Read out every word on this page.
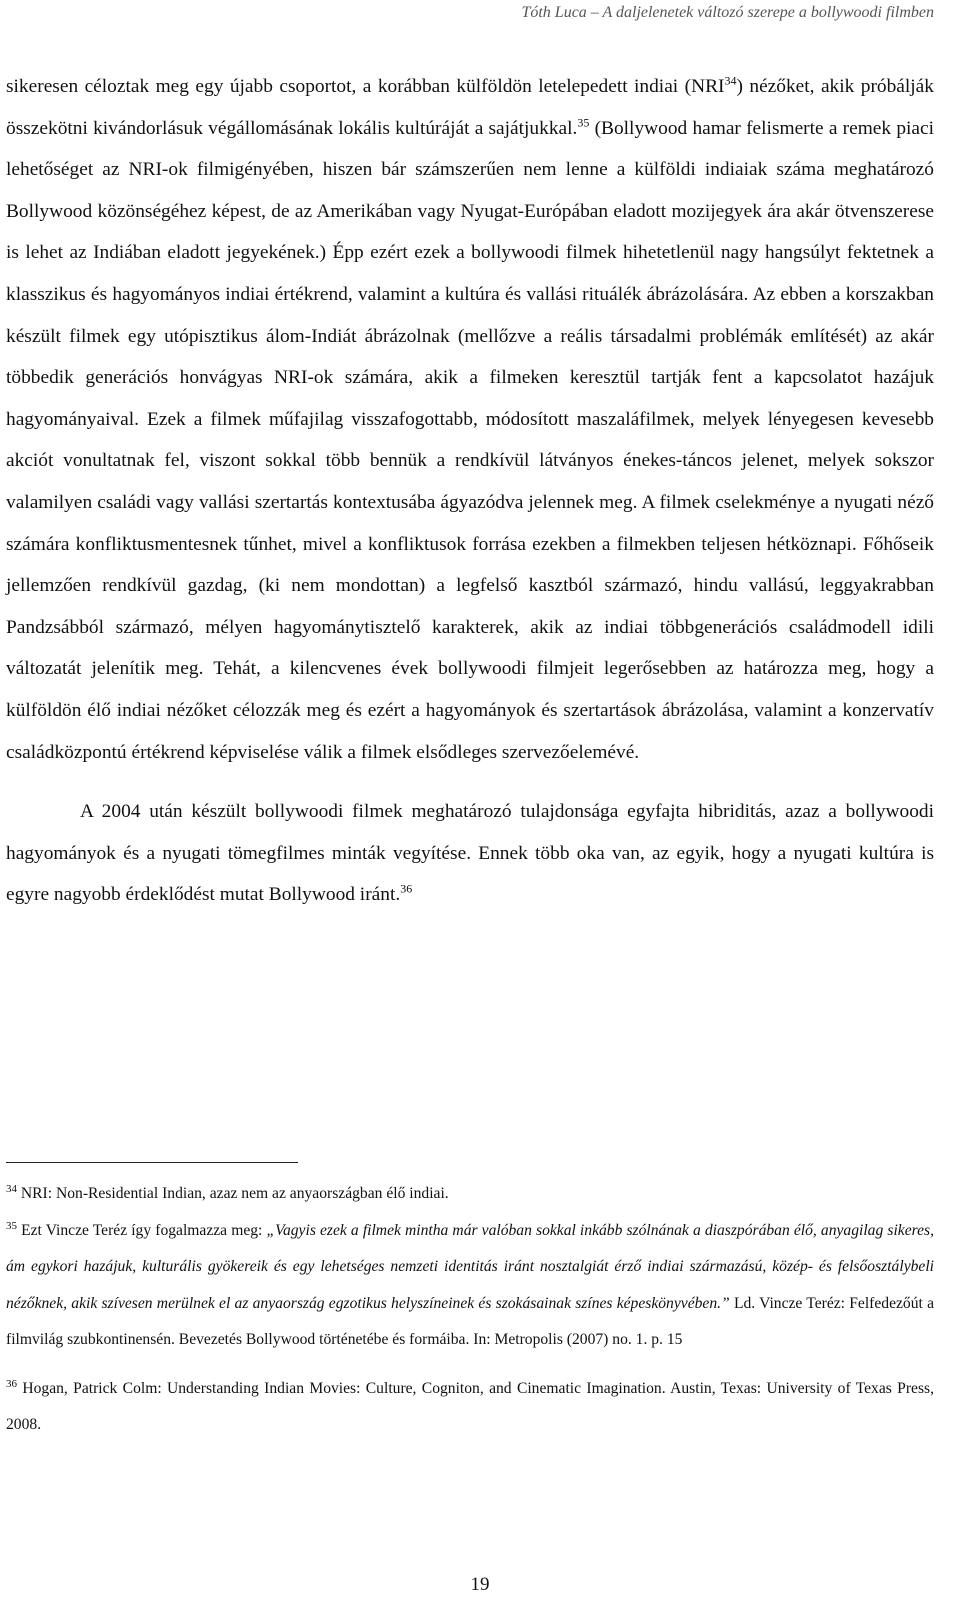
Tóth Luca – A daljelenetek változó szerepe a bollywoodi filmben

sikeresen céloztak meg egy újabb csoportot, a korábban külföldön letelepedett indiai (NRI$^{34}$) nézőket, akik próbálják összekötni kivándorlásuk végállomásának lokális kultúráját a sajátjukkal.$^{35}$ (Bollywood hamar felismerte a remek piaci lehetőséget az NRI-ok filmigényében, hiszen bár számszerűen nem lenne a külföldi indiaiak száma meghatározó Bollywood közönségéhez képest, de az Amerikában vagy Nyugat-Európában eladott mozijegyek ára akár ötvenszerese is lehet az Indiában eladott jegyekének.) Épp ezért ezek a bollywoodi filmek hihetetlenül nagy hangsúlyt fektetnek a klasszikus és hagyományos indiai értékrend, valamint a kultúra és vallási rituálék ábrázolására. Az ebben a korszakban készült filmek egy utópisztikus álom-Indiát ábrázolnak (mellőzve a reális társadalmi problémák említését) az akár többedik generációs honvágyas NRI-ok számára, akik a filmeken keresztül tartják fent a kapcsolatot hazájuk hagyományaival. Ezek a filmek műfajilag visszafogottabb, módosított maszaláfilmek, melyek lényegesen kevesebb akciót vonultatnak fel, viszont sokkal több bennük a rendkívül látványos énekes-táncos jelenet, melyek sokszor valamilyen családi vagy vallási szertartás kontextusába ágyazódva jelennek meg. A filmek cselekménye a nyugati néző számára konfliktusmentesnek tűnhet, mivel a konfliktusok forrása ezekben a filmekben teljesen hétköznapi. Főhőseik jellemzően rendkívül gazdag, (ki nem mondottan) a legfelső kasztból származó, hindu vallású, leggyakrabban Pandzsábból származó, mélyen hagyománytisztelő karakterek, akik az indiai többgenerációs családmodell idili változatát jelenítik meg. Tehát, a kilencvenes évek bollywoodi filmjeit legerősebben az határozza meg, hogy a külföldön élő indiai nézőket célozzák meg és ezért a hagyományok és szertartások ábrázolása, valamint a konzervatív családközpontú értékrend képviselése válik a filmek elsődleges szervezőelemévé.

A 2004 után készült bollywoodi filmek meghatározó tulajdonsága egyfajta hibriditás, azaz a bollywoodi hagyományok és a nyugati tömegfilmes minták vegyítése. Ennek több oka van, az egyik, hogy a nyugati kultúra is egyre nagyobb érdeklődést mutat Bollywood iránt.$^{36}$

$^{34}$ NRI: Non-Residential Indian, azaz nem az anyaországban élő indiai.

$^{35}$ Ezt Vincze Teréz így fogalmazza meg: „Vagyis ezek a filmek mintha már valóban sokkal inkább szólnának a diaszpórában élő, anyagilag sikeres, ám egykori hazájuk, kulturális gyökereik és egy lehetséges nemzeti identitás iránt nosztalgiát érző indiai származású, közép- és felsőosztálybeli nézőknek, akik szívesen merülnek el az anyaország egzotikus helyszíneinek és szokásainak színes képeskönyvében.” Ld. Vincze Teréz: Felfedezőút a filmvilág szubkontinensén. Bevezetés Bollywood történetébe és formáiba. In: Metropolis (2007) no. 1. p. 15

$^{36}$ Hogan, Patrick Colm: Understanding Indian Movies: Culture, Cogniton, and Cinematic Imagination. Austin, Texas: University of Texas Press, 2008.

19
